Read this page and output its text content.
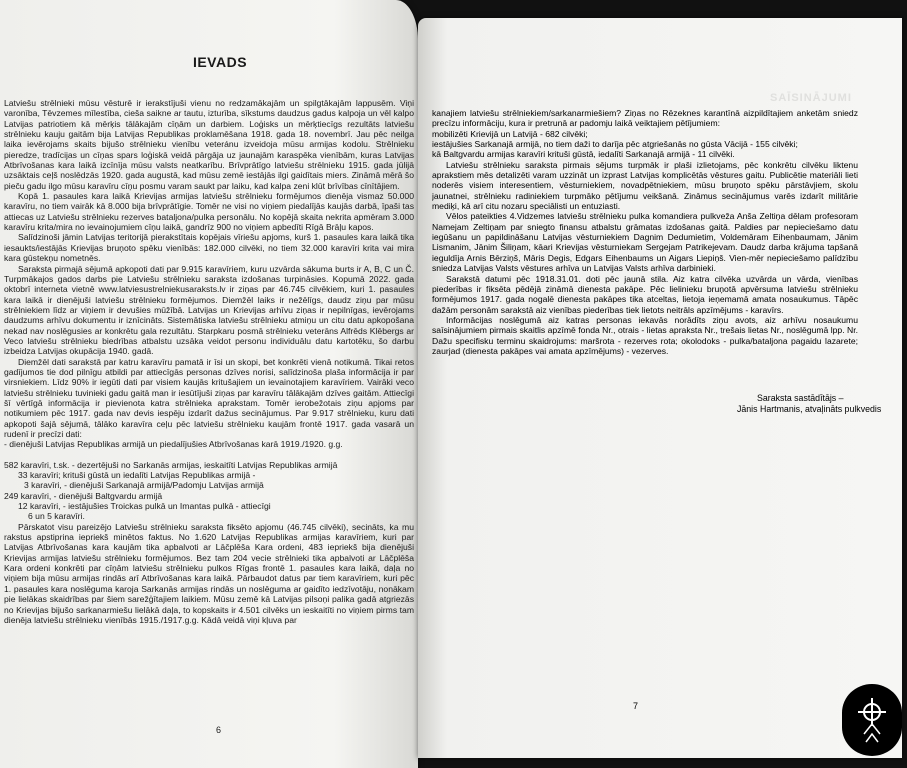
IEVADS

Latviešu strēlnieki mūsu vēsturē ir ierakstījuši vienu no redzamākajām un spilgtākajām lappusēm. Viņi varonība, Tēvzemes mīlestība, cieša saikne ar tautu, izturība, sīkstums daudzus gadus kalpoja un vēl kalpo Latvijas patriotiem kā mērķis tālākajām cīņām un darbiem. Loģisks un mērķtiecīgs rezultāts latviešu strēlnieku kauju gaitām bija Latvijas Republikas proklamēšana 1918. gada 18. novembrī. Jau pēc neilga laika ievērojams skaits bijušo strēlnieku vienību veteránu izveidoja mūsu armijas kodolu. Strēlnieku pieredze, tradīcijas un cīņas spars loģiskā veidā pārgāja uz jaunajām karaspēka vienībām, kuras Latvijas Atbrīvošanas kara laikā izcīnīja mūsu valsts neatkarību. Brīvprātīgo latviešu strēlnieku 1915. gada jūlijā uzsāktais ceļš noslēdzās 1920. gada augustā, kad mūsu zemē iestājās ilgi gaidītais miers. Zināmā mērā šo pieču gadu ilgo mūsu karavīru cīņu posmu varam saukt par laiku, kad kalpa zeni klūt brīvības cīnītājiem.

Kopā 1. pasaules kara laikā Krievijas armijas latviešu strēlnieku formējumos dienēja vismaz 50.000 karavīru, no tiem vairāk kā 8.000 bija brīvprātīgie. Tomēr ne visi no viņiem piedalījās kaujās darbā, īpaši tas attiecas uz Latviešu strēlnieku rezerves bataljona/pulka personālu. No kopējā skaita nekrita apmēram 3.000 karavīru krita/mira no ievainojumiem cīņu laikā, gandrīz 900 no viņiem apbedīti Rīgā Brāļu kapos.

Salīdzinoši jāmin Latvijas teritorijā pierakstītais kopējais vīriešu apjoms, kurš 1. pasaules kara laikā tika iesaukts/iestājās Krievijas bruņoto spēku vienībās: 182.000 cilvēki, no tiem 32.000 karavīri krita vai mira kara gūstekņu nometnēs.

Saraksta pirmajā sējumā apkopoti dati par 9.915 karavīriem, kuru uzvārda sākuma burts ir A, B, C un Č. Turpmākajos gados darbs pie Latviešu strēlnieku saraksta izdošanas turpināsies. Kopumā 2022. gada oktobrī interneta vietnē www.latviesustrelniekusaraksts.lv ir ziņas par 46.745 cilvēkiem, kuri 1. pasaules kara laikā ir dienējuši latviešu strēlnieku formējumos. Diemžēl laiks ir nežēlīgs, daudz ziņu par mūsu strēlniekiem līdz ar viņiem ir devušies mūžībā. Latvijas un Krievijas arhīvu ziņas ir nepilnīgas, ievērojams daudzums arhīvu dokumentu ir iznīcināts. Sistemātiska latviešu strēlnieku atmiņu un citu datu apkopošana nekad nav noslēgusies ar konkrētu gala rezultātu. Starpkaru posmā strēlnieku veterāns Alfrēds Klēbergs ar Veco latviešu strēlnieku biedrības atbalstu uzsāka veidot personu individuālu datu kartotēku, šo darbu izbeidza Latvijas okupācija 1940. gadā.

Diemžēl dati sarakstā par katru karavīru pamatā ir īsi un skopi, bet konkrēti vienā notikumā. Tikai retos gadījumos tie dod pilnīgu atbildi par attiecīgās personas dzīves norisi, salīdzinoša plaša informācija ir par virsniekiem. Līdz 90% ir iegūti dati par visiem kaujās kritušajiem un ievainotajiem karavīriem. Vairāki veco latviešu strēlnieku tuvinieki gadu gaitā man ir iesūtījuši ziņas par karavīru tālākajām dzīves gaitām. Attiecīgi šī vērtīgā informācija ir pievienota katra strēlnieka aprakstam. Tomēr ierobežotais ziņu apjoms par notikumiem pēc 1917. gada nav devis iespēju izdarīt dažus secinājumus. Par 9.917 strēlnieku, kuru dati apkopoti šajā sējumā, tālāko karavīra ceļu pēc latviešu strēlnieku kaujām frontē 1917. gada vasarā un rudenī ir precīzi dati:

- dienējuši Latvijas Republikas armijā un piedalījušies Atbrīvošanas karā 1919./1920. g.g.

582 karavīri, t.sk. - dezertējuši no Sarkanās armijas, ieskaitīti Latvijas Republikas armijā

33 karavīri; krituši gūstā un iedalīti Latvijas Republikas armijā -

3 karavīri, - dienējuši Sarkanajā armijā/Padomju Latvijas armijā

249 karavīri, - dienējuši Baltgvardu armijā

12 karavīri, - iestājušies Troickas pulkā un Imantas pulkā - attiecīgi

6 un 5 karavīri.

Pārskatot visu pareizējo Latviešu strēlnieku saraksta fiksēto apjomu (46.745 cilvēki), secināts, ka mu rakstus apstiprina iepriekš minētos faktus. No 1.620 Latvijas Republikas armijas karavīriem, kuri par Latvijas Atbrīvošanas kara kaujām tika apbalvoti ar Lāčplēša Kara ordeni, 483 iepriekš bija dienējuši Krievijas armijas latviešu strēlnieku formējumos. Bez tam 204 vecie strēlnieki tika apbalvoti ar Lāčplēša Kara ordeni konkrēti par cīņām latviešu strēlnieku pulkos Rīgas frontē 1. pasaules kara laikā, daļa no viņiem bija mūsu armijas rindās arī Atbrīvošanas kara laikā. Pārbaudot datus par tiem karavīriem, kuri pēc 1. pasaules kara noslēguma karoja Sarkanās armijas rindās un noslēguma ar gaidīto iedzīvotāju, nonākam pie lielākas skaidrības par šiem sarežģītajiem laikiem. Mūsu zemē kā Latvijas pilsoņi palika gadā atgriezās no Krievijas bijušo sarkanarmiešu lielākā daļa, to kopskaits ir 4.501 cilvēks un ieskaitīti no viņiem pirms tam dienēja latviešu strēlnieku vienībās 1915./1917.g.g. Kādā veidā viņi kļuva par

6
SAĪSINĀJUMI

kanajiem latviešu strēlniekiem/sarkanarmiešiem? Ziņas no Rēzeknes karantīnā aizpildītajiem anketām sniedz precīzu informāciju, kura ir pretrunā ar padomju laikā veiktajiem pētījumiem:

mobilizēti Krievijā un Latvijā - 682 cilvēki;

iestājušies Sarkanajā armijā, no tiem daži to darīja pēc atgriešanās no gūsta Vācijā - 155 cilvēki;

kā Baltgvardu armijas karavīri krituši gūstā, iedalīti Sarkanajā armijā - 11 cilvēki.

Latviešu strēlnieku saraksta pirmais sējums turpmāk ir plaši izlietojams, pēc konkrētu cilvēku liktenu aprakstiem mēs detalizēti varam uzzināt un izprast Latvijas komplicētās vēstures gaitu. Publicētie materiāli lieti noderēs visiem interesentiem, vēsturniekiem, novadpētniekiem, mūsu bruņoto spēku pārstāvjiem, skolu jaunatnei, strēlnieku radiniekiem turpmāko pētījumu veikšanā. Zināmus secinājumus varēs izdarīt militārie mediķi, kā arī citu nozaru speciālisti un entuziasti.

Vēlos pateikties 4.Vidzemes latviešu strēlnieku pulka komandiera pulkveža Anša Zeltiņa dēlam profesoram Namejam Zeltiņam par sniegto finansu atbalstu grāmatas izdošanas gaitā. Paldies par nepieciešamo datu iegūšanu un papildināšanu Latvijas vēsturniekiem Dagnim Dedumietim, Voldemāram Eihenbaumam, Jānim Lismanim, Jānim Šiliņam, kāari Krievijas vēsturniekam Sergejam Patrikejevam. Daudz darba krājuma tapšanā ieguldīja Arnis Bērziņš, Māris Degis, Edgars Eihenbaums un Aigars Liepiņš. Vien-mēr nepieciešamo palīdzību sniedza Latvijas Valsts vēstures arhīva un Latvijas Valsts arhīva darbinieki.

Sarakstā datumi pēc 1918.31.01. doti pēc jaunā stila. Aiz katra cilvēka uzvārda un vārda, vienības piederības ir fiksēta pēdējā zināmā dienesta pakāpe. Pēc lielinieku bruņotā apvērsuma latviešu strēlnieku formējumos 1917. gada nogalē dienesta pakāpes tika atceltas, lietoja ieņemamā amata nosaukumus. Tāpēc dažām personām sarakstā aiz vienības piederības tiek lietots neitrāls apzīmējums - karavīrs.

Informācijas noslēgumā aiz katras personas iekavās norādīts ziņu avots, aiz arhīvu nosaukumu saīsinājumiem pirmais skaitlis apzīmē fonda Nr., otrais - lietas apraksta Nr., trešais lietas Nr., noslēgumā lpp. Nr. Dažu specifisku terminu skaidrojums: maršrota - rezerves rota; okolodoks - pulka/bataljona pagaidu lazarete; zaurjad (dienesta pakāpes vai amata apzīmējums) - vezerves.

Saraksta sastādītājs –
Jānis Hartmanis, atvaļināts pulkvedis
7
